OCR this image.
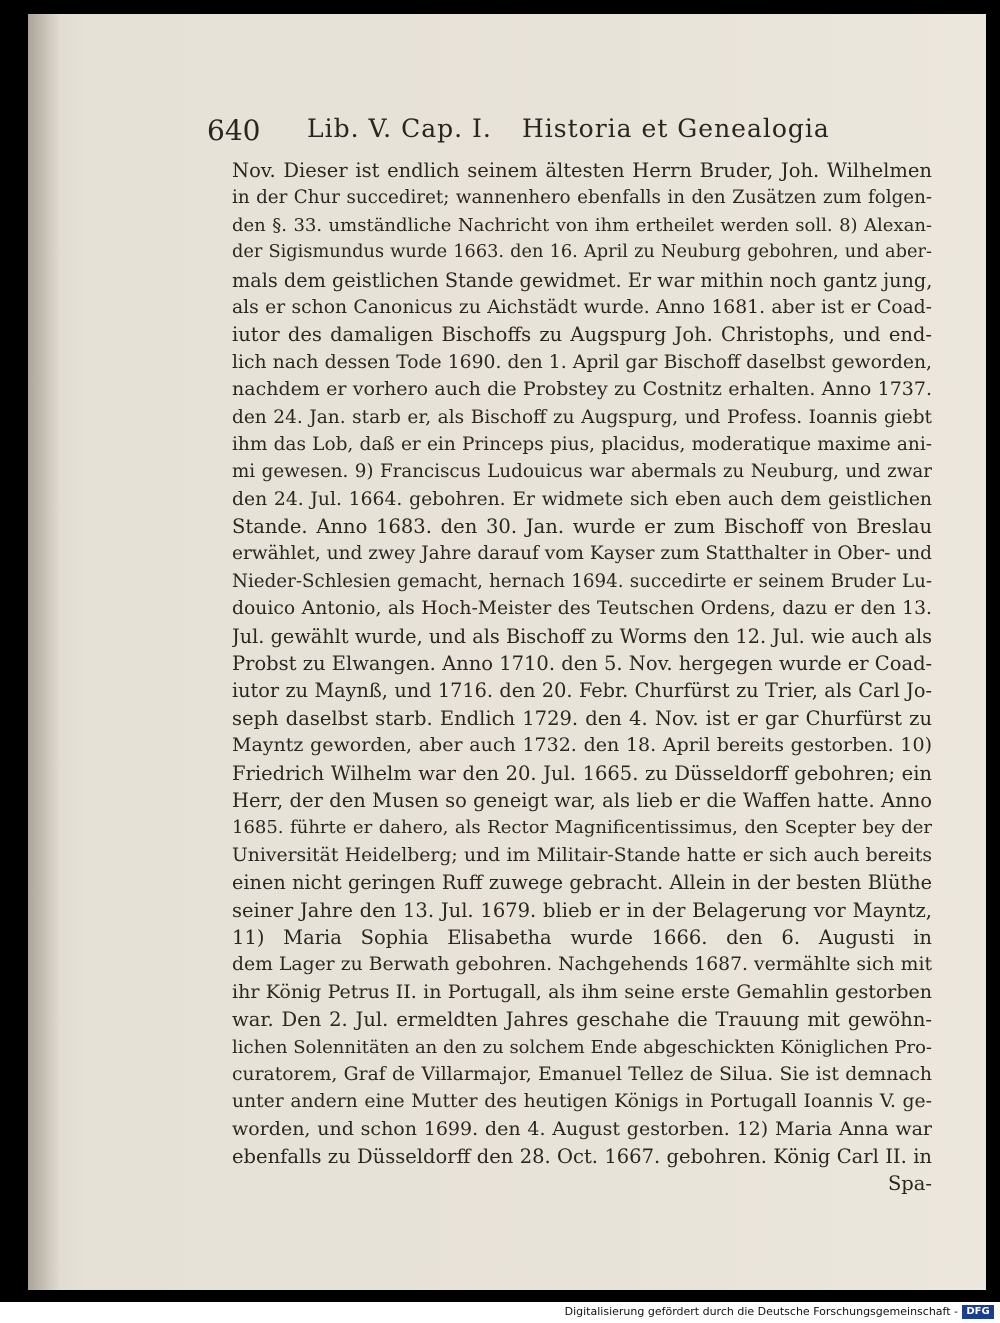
640 Lib. V. Cap. I. Historia et Genealogia
Nov. Dieser ist endlich seinem ältesten Herrn Bruder, Joh. Wilhelmen
in der Chur succediret; wannenhero ebenfalls in den Zusätzen zum folgen-
den §. 33. umständliche Nachricht von ihm ertheilet werden soll. 8) Alexan-
der Sigismundus wurde 1663. den 16. April zu Neuburg gebohren, und aber-
mals dem geistlichen Stande gewidmet. Er war mithin noch gantz jung,
als er schon Canonicus zu Aichstädt wurde. Anno 1681. aber ist er Coad-
iutor des damaligen Bischoffs zu Augspurg Joh. Christophs, und end-
lich nach dessen Tode 1690. den 1. April gar Bischoff daselbst geworden,
nachdem er vorhero auch die Probstey zu Costnitz erhalten. Anno 1737.
den 24. Jan. starb er, als Bischoff zu Augspurg, und Profess. Ioannis giebt
ihm das Lob, daß er ein Princeps pius, placidus, moderatique maxime ani-
mi gewesen. 9) Franciscus Ludouicus war abermals zu Neuburg, und zwar
den 24. Jul. 1664. gebohren. Er widmete sich eben auch dem geistlichen
Stande. Anno 1683. den 30. Jan. wurde er zum Bischoff von Breslau
erwählet, und zwey Jahre darauf vom Kayser zum Statthalter in Ober- und
Nieder-Schlesien gemacht, hernach 1694. succedirte er seinem Bruder Lu-
douico Antonio, als Hoch-Meister des Teutschen Ordens, dazu er den 13.
Jul. gewählt wurde, und als Bischoff zu Worms den 12. Jul. wie auch als
Probst zu Elwangen. Anno 1710. den 5. Nov. hergegen wurde er Coad-
iutor zu Maynß, und 1716. den 20. Febr. Churfürst zu Trier, als Carl Jo-
seph daselbst starb. Endlich 1729. den 4. Nov. ist er gar Churfürst zu
Mayntz geworden, aber auch 1732. den 18. April bereits gestorben. 10)
Friedrich Wilhelm war den 20. Jul. 1665. zu Düsseldorff gebohren; ein
Herr, der den Musen so geneigt war, als lieb er die Waffen hatte. Anno
1685. führte er dahero, als Rector Magnificentissimus, den Scepter bey der
Universität Heidelberg; und im Militair-Stande hatte er sich auch bereits
einen nicht geringen Ruff zuwege gebracht. Allein in der besten Blüthe
seiner Jahre den 13. Jul. 1679. blieb er in der Belagerung vor Mayntz,
11) Maria Sophia Elisabetha wurde 1666. den 6. Augusti in
dem Lager zu Berwath gebohren. Nachgehends 1687. vermählte sich mit
ihr König Petrus II. in Portugall, als ihm seine erste Gemahlin gestorben
war. Den 2. Jul. ermeldten Jahres geschahe die Trauung mit gewöhn-
lichen Solennitäten an den zu solchem Ende abgeschickten Königlichen Pro-
curatorem, Graf de Villarmajor, Emanuel Tellez de Silua. Sie ist demnach
unter andern eine Mutter des heutigen Königs in Portugall Ioannis V. ge-
worden, und schon 1699. den 4. August gestorben. 12) Maria Anna war
ebenfalls zu Düsseldorff den 28. Oct. 1667. gebohren. König Carl II. in
Spa-
Digitalisierung gefördert durch die Deutsche Forschungsgemeinschaft - DFG
